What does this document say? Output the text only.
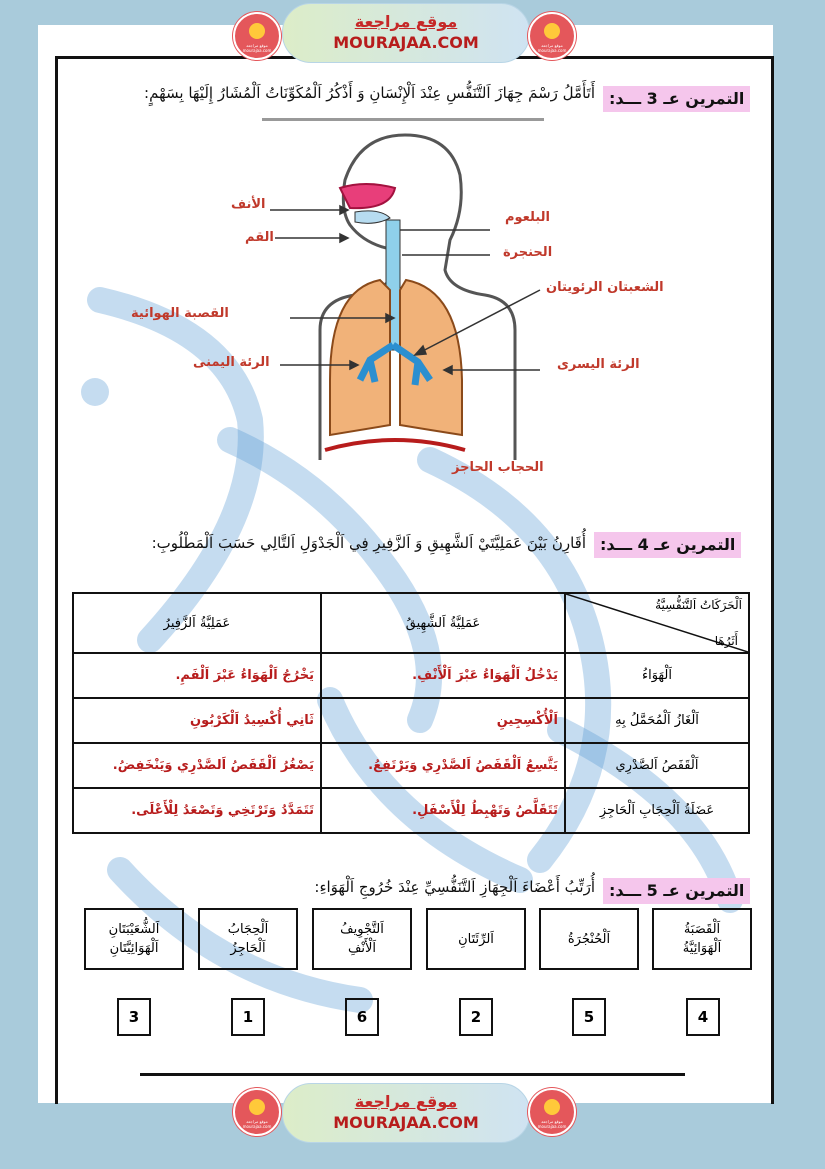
موقع مراجعة mourajaa.com
موقع مراجعة
MOURAJAA.COM	موقع مراجعة mourajaa.com
التمرين عـ 3 ـــد:
أَتَأَمَّلُ رَسْمَ جِهَازَ اَلتَّنَفُّسِ عِنْدَ اَلْإِنْسَانِ وَ أَذْكُرُ اَلْمُكَوِّنَاتُ اَلْمُشَارُ إِلَيْهَا بِسَهْمٍ:
الأنف
القم
البلعوم
الحنجرة
الشعبتان الرئويتان
القصبة الهوائية
الرئة اليمنى	الرئة اليسرى
الحجاب الحاجز
التمرين عـ 4 ـــد:
أُقَارِنُ بَيْنَ عَمَلِيَّتَيْ اَلشَّهِيقِ وَ اَلزَّفِيرِ فِي اَلْجَدْوَلِ اَلتَّالِي حَسَبَ اَلْمَطْلُوبِ:
اَلْحَرَكَاتُ اَلتَّنَفُّسِيَّةُ
أَثَرُهَا	عَمَلِيَّةُ اَلشَّهِيقُ	عَمَلِيَّةُ اَلزَّفِيرُ
اَلْهَوَاءُ	يَدْخُلُ اَلْهَوَاءُ عَبْرَ اَلْأَنْفِ.	يَخْرُجُ اَلْهَوَاءُ عَبْرَ اَلْفَمِ.
اَلْغَازُ اَلْمُحَمَّلُ بِهِ	اَلْأُكْسِجِينِ	ثَانِي أُكْسِيدُ اَلْكَرْبُونِ
اَلْقَفَصُ اَلصَّدْرِي	يَتَّسِعُ اَلْقَفَصُ اَلصَّدْرِي وَيَرْتَفِعُ.	يَصْغُرُ اَلْقَفَصُ اَلصَّدْرِي وَيَنْخَفِضُ.
عَضَلَةُ اَلْحِجَابِ اَلْحَاجِزِ	تَتَقَلَّصُ وَتَهْبِطُ لِلْأَسْفَلِ.	تَتَمَدَّدُ وَتَرْتَخِي وَتَصْعَدُ لِلْأَعْلَى.
التمرين عـ 5 ـــد:
أُرَتِّبُ أَعْضَاءَ اَلْجِهَازِ اَلتَّنَفُّسِيِّ عِنْدَ خُرُوجِ اَلْهَوَاءِ:
اَلْقَصَبَةُ
اَلْهَوَائِيَّةُ
اَلْحُنْجُرَةُ
اَلرِّئَتَانِ
اَلتَّجْوِيفُ
اَلْأَنْفِ
اَلْحِجَابُ
اَلْحَاجِزُ
اَلشُّعَيْبَتَانِ
اَلْهَوَائِيَّتَانِ
4
5
2
6
1
3
موقع مراجعة mourajaa.com
موقع مراجعة
MOURAJAA.COM	موقع مراجعة mourajaa.com
